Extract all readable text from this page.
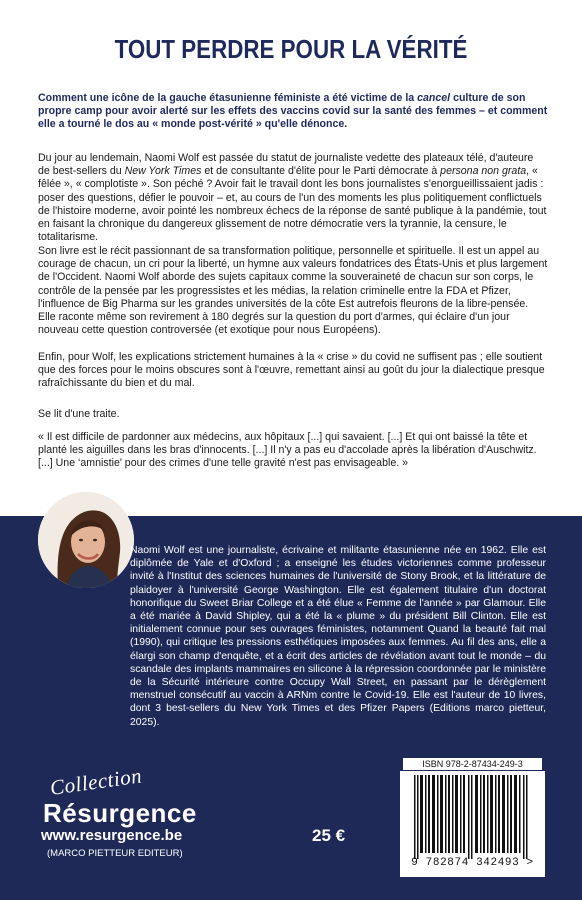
TOUT PERDRE POUR LA VÉRITÉ

Comment une icône de la gauche étasunienne féministe a été victime de la cancel culture de son propre camp pour avoir alerté sur les effets des vaccins covid sur la santé des femmes – et comment elle a tourné le dos au « monde post-vérité » qu'elle dénonce.

Du jour au lendemain, Naomi Wolf est passée du statut de journaliste vedette des plateaux télé, d'auteure de best-sellers du New York Times et de consultante d'élite pour le Parti démocrate à persona non grata, « fêlée », « complotiste ». Son péché ? Avoir fait le travail dont les bons journalistes s'enorgueillissaient jadis : poser des questions, défier le pouvoir – et, au cours de l'un des moments les plus politiquement conflictuels de l'histoire moderne, avoir pointé les nombreux échecs de la réponse de santé publique à la pandémie, tout en faisant la chronique du dangereux glissement de notre démocratie vers la tyrannie, la censure, le totalitarisme.

Son livre est le récit passionnant de sa transformation politique, personnelle et spirituelle. Il est un appel au courage de chacun, un cri pour la liberté, un hymne aux valeurs fondatrices des États-Unis et plus largement de l'Occident. Naomi Wolf aborde des sujets capitaux comme la souveraineté de chacun sur son corps, le contrôle de la pensée par les progressistes et les médias, la relation criminelle entre la FDA et Pfizer, l'influence de Big Pharma sur les grandes universités de la côte Est autrefois fleurons de la libre-pensée. Elle raconte même son revirement à 180 degrés sur la question du port d'armes, qui éclaire d'un jour nouveau cette question controversée (et exotique pour nous Européens).

Enfin, pour Wolf, les explications strictement humaines à la « crise » du covid ne suffisent pas ; elle soutient que des forces pour le moins obscures sont à l'œuvre, remettant ainsi au goût du jour la dialectique presque rafraîchissante du bien et du mal.

Se lit d'une traite.

« Il est difficile de pardonner aux médecins, aux hôpitaux [...] qui savaient. [...] Et qui ont baissé la tête et planté les aiguilles dans les bras d'innocents. [...] Il n'y a pas eu d'accolade après la libération d'Auschwitz. [...] Une ‘amnistie' pour des crimes d'une telle gravité n'est pas envisageable. »

Naomi Wolf est une journaliste, écrivaine et militante étasunienne née en 1962. Elle est diplômée de Yale et d'Oxford ; a enseigné les études victoriennes comme professeur invité à l'Institut des sciences humaines de l'université de Stony Brook, et la littérature de plaidoyer à l'université George Washington. Elle est également titulaire d'un doctorat honorifique du Sweet Briar College et a été élue « Femme de l'année » par Glamour. Elle a été mariée à David Shipley, qui a été la « plume » du président Bill Clinton. Elle est initialement connue pour ses ouvrages féministes, notamment Quand la beauté fait mal (1990), qui critique les pressions esthétiques imposées aux femmes. Au fil des ans, elle a élargi son champ d'enquête, et a écrit des articles de révélation avant tout le monde – du scandale des implants mammaires en silicone à la répression coordonnée par le ministère de la Sécurité intérieure contre Occupy Wall Street, en passant par le dérèglement menstruel consécutif au vaccin à ARNm contre le Covid-19. Elle est l'auteur de 10 livres, dont 3 best-sellers du New York Times et des Pfizer Papers (Editions marco pietteur, 2025).

ISBN 978-2-87434-249-3
9 782874 342493 >
Collection
Résurgence
www.resurgence.be
(MARCO PIETTEUR EDITEUR)
25 €
